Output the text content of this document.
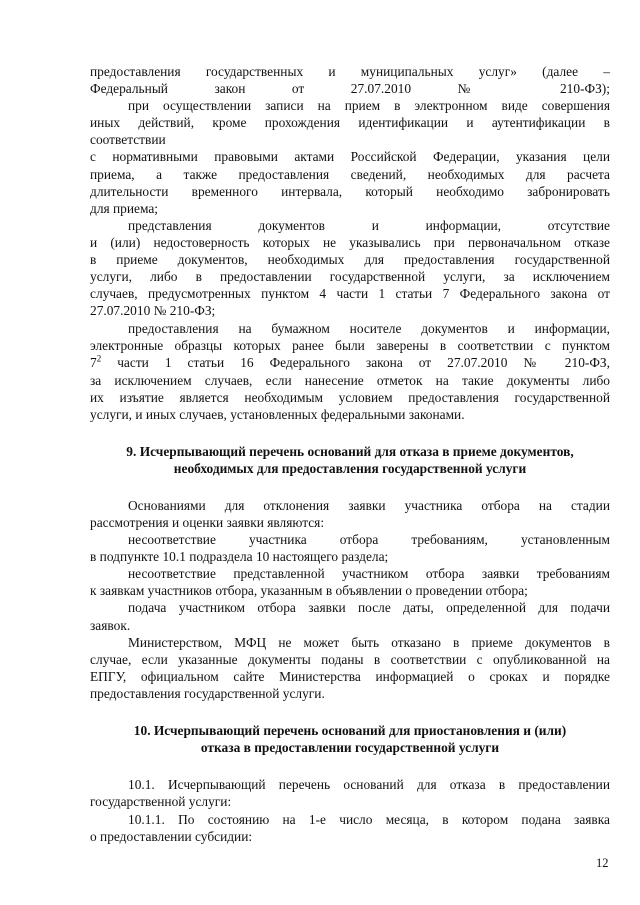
предоставления государственных и муниципальных услуг» (далее –
Федеральный закон от 27.07.2010 № 210-ФЗ);
при осуществлении записи на прием в электронном виде совершения
иных действий, кроме прохождения идентификации и аутентификации в
соответствии
с нормативными правовыми актами Российской Федерации, указания цели
приема, а также предоставления сведений, необходимых для расчета
длительности временного интервала, который необходимо забронировать
для приема;
представления документов и информации, отсутствие
и (или) недостоверность которых не указывались при первоначальном отказе
в приеме документов, необходимых для предоставления государственной
услуги, либо в предоставлении государственной услуги, за исключением
случаев, предусмотренных пунктом 4 части 1 статьи 7 Федерального закона от
27.07.2010 № 210-ФЗ;
предоставления на бумажном носителе документов и информации,
электронные образцы которых ранее были заверены в соответствии с пунктом
$7^2$ части 1 статьи 16 Федерального закона от 27.07.2010 № 210-ФЗ,
за исключением случаев, если нанесение отметок на такие документы либо
их изъятие является необходимым условием предоставления государственной
услуги, и иных случаев, установленных федеральными законами.
9. Исчерпывающий перечень оснований для отказа в приеме документов,
необходимых для предоставления государственной услуги
Основаниями для отклонения заявки участника отбора на стадии
рассмотрения и оценки заявки являются:
несоответствие участника отбора требованиям, установленным
в подпункте 10.1 подраздела 10 настоящего раздела;
несоответствие представленной участником отбора заявки требованиям
к заявкам участников отбора, указанным в объявлении о проведении отбора;
подача участником отбора заявки после даты, определенной для подачи
заявок.
Министерством, МФЦ не может быть отказано в приеме документов в
случае, если указанные документы поданы в соответствии с опубликованной на
ЕПГУ, официальном сайте Министерства информацией о сроках и порядке
предоставления государственной услуги.
10. Исчерпывающий перечень оснований для приостановления и (или)
отказа в предоставлении государственной услуги
10.1. Исчерпывающий перечень оснований для отказа в предоставлении
государственной услуги:
10.1.1. По состоянию на 1-е число месяца, в котором подана заявка
о предоставлении субсидии:
12
